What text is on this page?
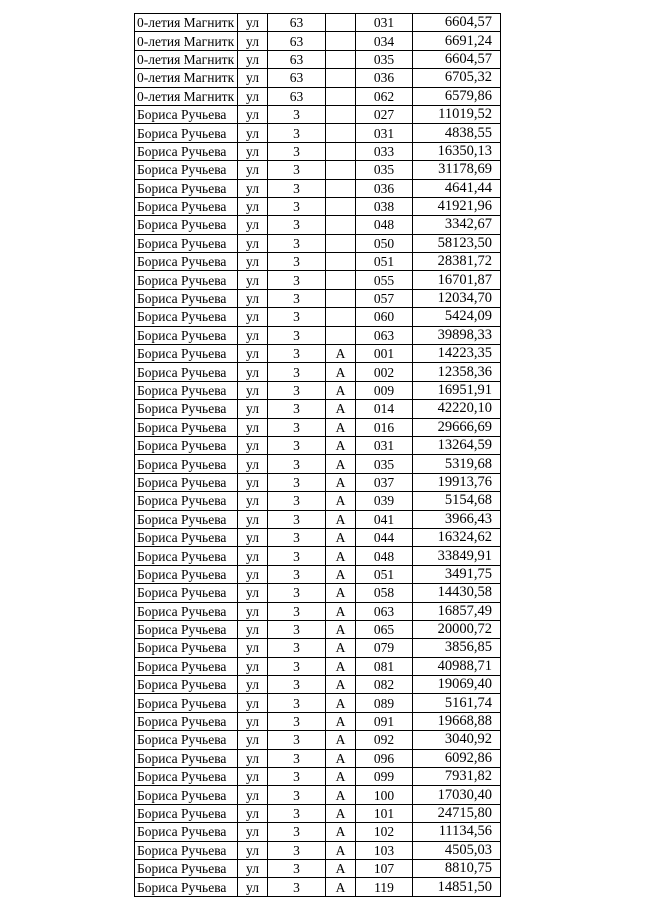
0-летия Магнитк	ул	63		031	6604,57
0-летия Магнитк	ул	63		034	6691,24
0-летия Магнитк	ул	63		035	6604,57
0-летия Магнитк	ул	63		036	6705,32
0-летия Магнитк	ул	63		062	6579,86
Бориса Ручьева	ул	3		027	11019,52
Бориса Ручьева	ул	3		031	4838,55
Бориса Ручьева	ул	3		033	16350,13
Бориса Ручьева	ул	3		035	31178,69
Бориса Ручьева	ул	3		036	4641,44
Бориса Ручьева	ул	3		038	41921,96
Бориса Ручьева	ул	3		048	3342,67
Бориса Ручьева	ул	3		050	58123,50
Бориса Ручьева	ул	3		051	28381,72
Бориса Ручьева	ул	3		055	16701,87
Бориса Ручьева	ул	3		057	12034,70
Бориса Ручьева	ул	3		060	5424,09
Бориса Ручьева	ул	3		063	39898,33
Бориса Ручьева	ул	3	А	001	14223,35
Бориса Ручьева	ул	3	А	002	12358,36
Бориса Ручьева	ул	3	А	009	16951,91
Бориса Ручьева	ул	3	А	014	42220,10
Бориса Ручьева	ул	3	А	016	29666,69
Бориса Ручьева	ул	3	А	031	13264,59
Бориса Ручьева	ул	3	А	035	5319,68
Бориса Ручьева	ул	3	А	037	19913,76
Бориса Ручьева	ул	3	А	039	5154,68
Бориса Ручьева	ул	3	А	041	3966,43
Бориса Ручьева	ул	3	А	044	16324,62
Бориса Ручьева	ул	3	А	048	33849,91
Бориса Ручьева	ул	3	А	051	3491,75
Бориса Ручьева	ул	3	А	058	14430,58
Бориса Ручьева	ул	3	А	063	16857,49
Бориса Ручьева	ул	3	А	065	20000,72
Бориса Ручьева	ул	3	А	079	3856,85
Бориса Ручьева	ул	3	А	081	40988,71
Бориса Ручьева	ул	3	А	082	19069,40
Бориса Ручьева	ул	3	А	089	5161,74
Бориса Ручьева	ул	3	А	091	19668,88
Бориса Ручьева	ул	3	А	092	3040,92
Бориса Ручьева	ул	3	А	096	6092,86
Бориса Ручьева	ул	3	А	099	7931,82
Бориса Ручьева	ул	3	А	100	17030,40
Бориса Ручьева	ул	3	А	101	24715,80
Бориса Ручьева	ул	3	А	102	11134,56
Бориса Ручьева	ул	3	А	103	4505,03
Бориса Ручьева	ул	3	А	107	8810,75
Бориса Ручьева	ул	3	А	119	14851,50
